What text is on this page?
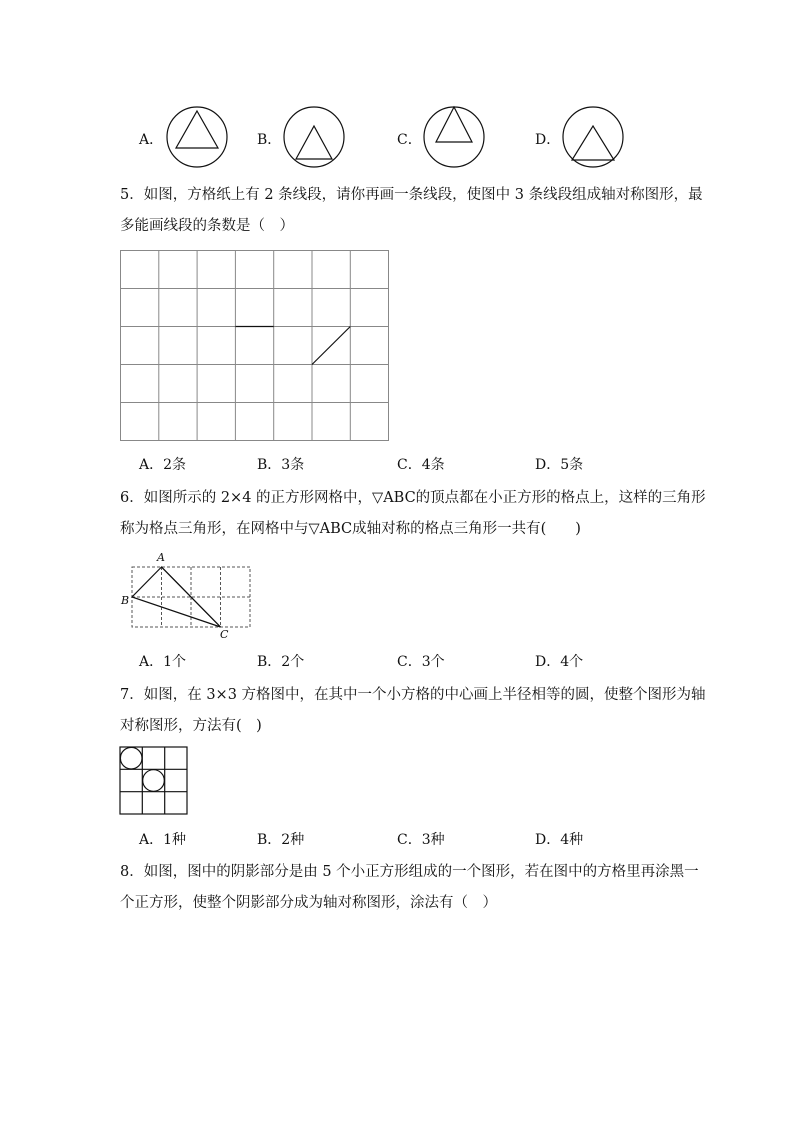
A．	B．	C．	D．
5．如图，方格纸上有 2 条线段，请你再画一条线段，使图中 3 条线段组成轴对称图形，最
多能画线段的条数是（　）
A．2条	B．3条	C．4条	D．5条
6．如图所示的 2×4 的正方形网格中，▽ABC的顶点都在小正方形的格点上，这样的三角形
称为格点三角形，在网格中与▽ABC成轴对称的格点三角形一共有(　　)
A
B
C
A．1个	B．2个	C．3个	D．4个
7．如图，在 3×3 方格图中，在其中一个小方格的中心画上半径相等的圆，使整个图形为轴
对称图形，方法有(　)
A．1种	B．2种	C．3种	D．4种
8．如图，图中的阴影部分是由 5 个小正方形组成的一个图形，若在图中的方格里再涂黑一
个正方形，使整个阴影部分成为轴对称图形，涂法有（　）
